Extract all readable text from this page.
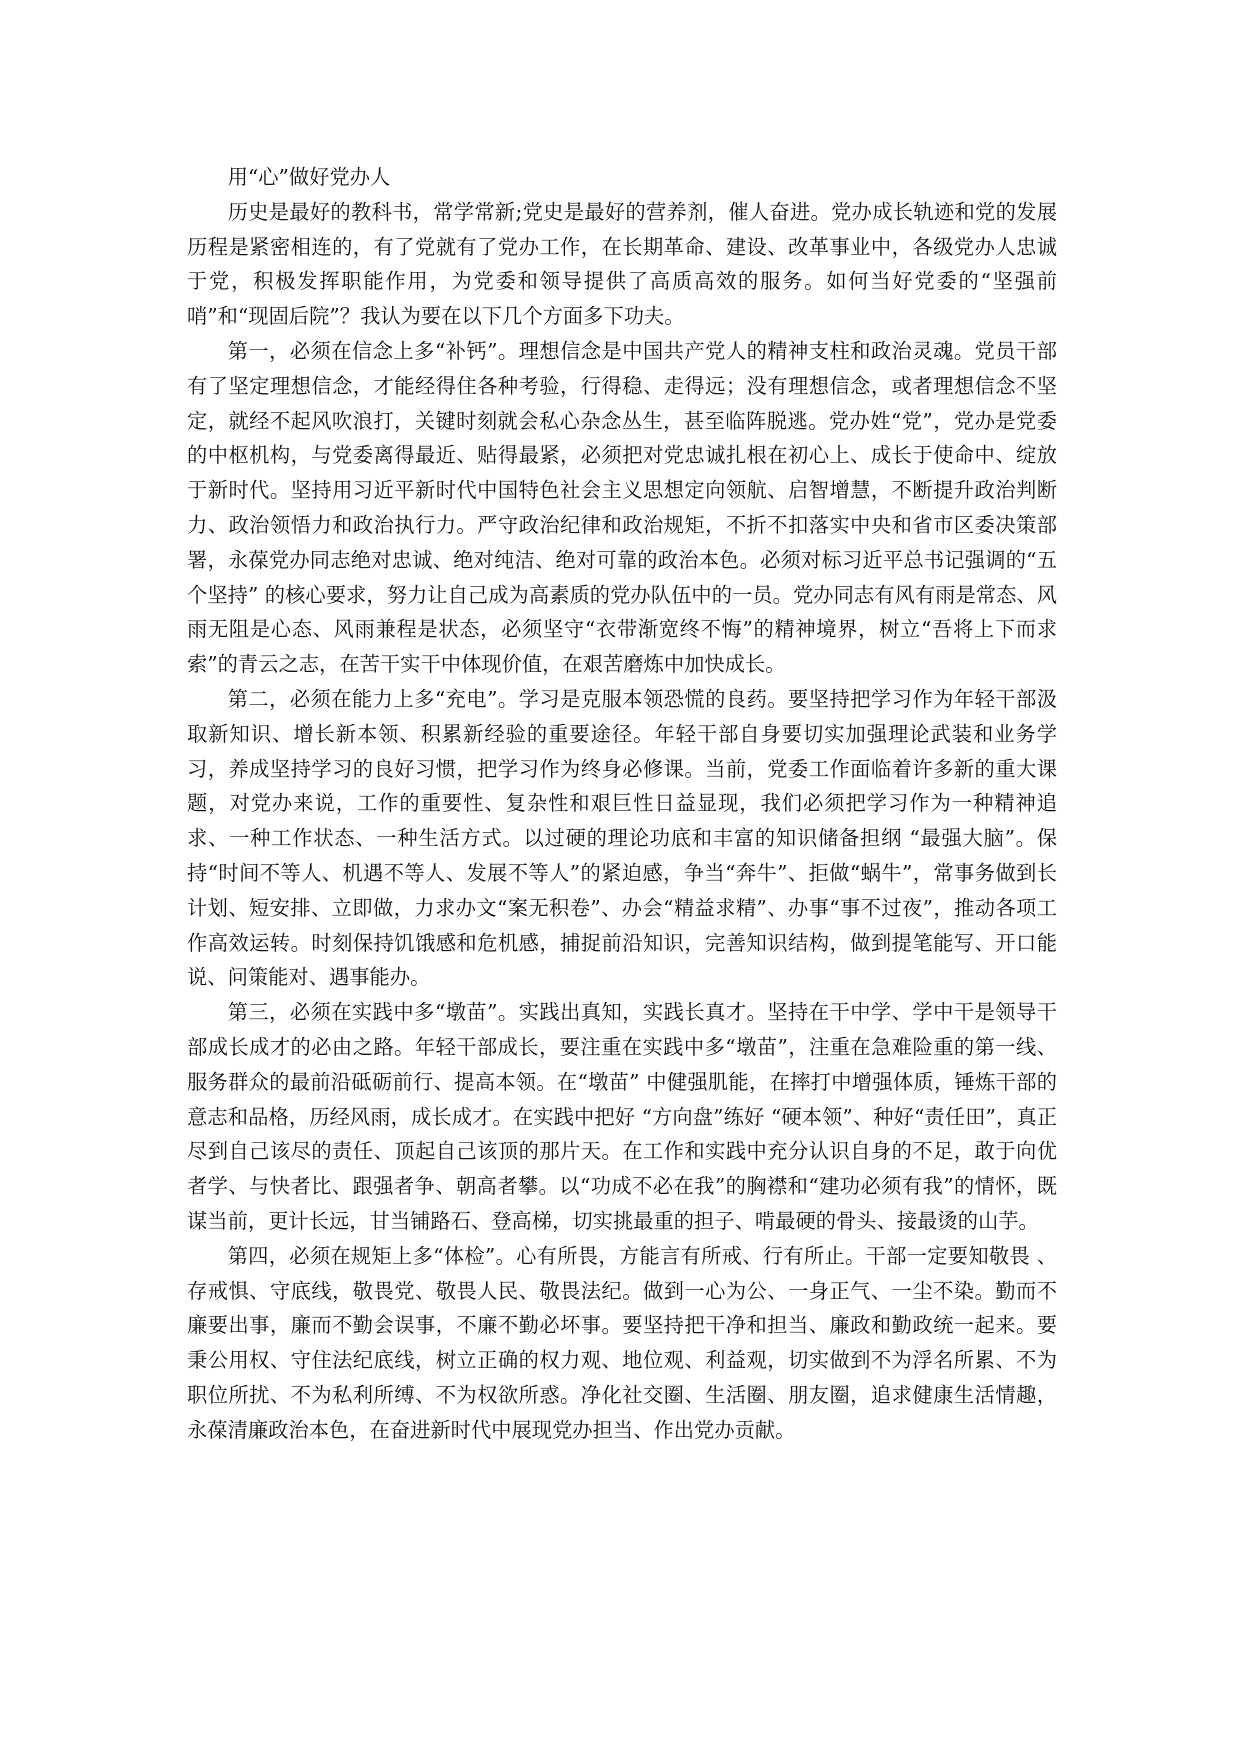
用“心”做好党办人

历史是最好的教科书，常学常新;党史是最好的营养剂，催人奋进。党办成长轨迹和党的发展历程是紧密相连的，有了党就有了党办工作，在长期革命、建设、改革事业中，各级党办人忠诚于党，积极发挥职能作用，为党委和领导提供了高质高效的服务。如何当好党委的“坚强前哨”和“现固后院”？我认为要在以下几个方面多下功夫。

第一，必须在信念上多“补钙”。理想信念是中国共产党人的精神支柱和政治灵魂。党员干部有了坚定理想信念，才能经得住各种考验，行得稳、走得远；没有理想信念，或者理想信念不坚定，就经不起风吹浪打，关键时刻就会私心杂念丛生，甚至临阵脱逃。党办姓“党”，党办是党委的中枢机构，与党委离得最近、贴得最紧，必须把对党忠诚扎根在初心上、成长于使命中、绽放于新时代。坚持用习近平新时代中国特色社会主义思想定向领航、启智增慧，不断提升政治判断力、政治领悟力和政治执行力。严守政治纪律和政治规矩，不折不扣落实中央和省市区委决策部署，永葆党办同志绝对忠诚、绝对纯洁、绝对可靠的政治本色。必须对标习近平总书记强调的“五个坚持” 的核心要求，努力让自己成为高素质的党办队伍中的一员。党办同志有风有雨是常态、风雨无阻是心态、风雨兼程是状态，必须坚守“衣带渐宽终不悔”的精神境界，树立“吾将上下而求索”的青云之志，在苦干实干中体现价值，在艰苦磨炼中加快成长。

第二，必须在能力上多“充电”。学习是克服本领恐慌的良药。要坚持把学习作为年轻干部汲取新知识、增长新本领、积累新经验的重要途径。年轻干部自身要切实加强理论武装和业务学习，养成坚持学习的良好习惯，把学习作为终身必修课。当前，党委工作面临着许多新的重大课题，对党办来说，工作的重要性、复杂性和艰巨性日益显现，我们必须把学习作为一种精神追求、一种工作状态、一种生活方式。以过硬的理论功底和丰富的知识储备担纲 “最强大脑”。保持“时间不等人、机遇不等人、发展不等人”的紧迫感，争当“奔牛”、拒做“蜗牛”，常事务做到长计划、短安排、立即做，力求办文“案无积卷”、办会“精益求精”、办事“事不过夜”，推动各项工作高效运转。时刻保持饥饿感和危机感，捕捉前沿知识，完善知识结构，做到提笔能写、开口能说、问策能对、遇事能办。

第三，必须在实践中多“墩苗”。实践出真知，实践长真才。坚持在干中学、学中干是领导干部成长成才的必由之路。年轻干部成长，要注重在实践中多“墩苗”，注重在急难险重的第一线、服务群众的最前沿砥砺前行、提高本领。在“墩苗” 中健强肌能，在摔打中增强体质，锤炼干部的意志和品格，历经风雨，成长成才。在实践中把好 “方向盘”练好 “硬本领”、种好“责任田”，真正尽到自己该尽的责任、顶起自己该顶的那片天。在工作和实践中充分认识自身的不足，敢于向优者学、与快者比、跟强者争、朝高者攀。以“功成不必在我”的胸襟和“建功必须有我”的情怀，既谋当前，更计长远，甘当铺路石、登高梯，切实挑最重的担子、啃最硬的骨头、接最烫的山芋。

第四，必须在规矩上多“体检”。心有所畏，方能言有所戒、行有所止。干部一定要知敬畏 、存戒惧、守底线，敬畏党、敬畏人民、敬畏法纪。做到一心为公、一身正气、一尘不染。勤而不廉要出事，廉而不勤会误事，不廉不勤必坏事。要坚持把干净和担当、廉政和勤政统一起来。要秉公用权、守住法纪底线，树立正确的权力观、地位观、利益观，切实做到不为浮名所累、不为职位所扰、不为私利所缚、不为权欲所惑。净化社交圈、生活圈、朋友圈，追求健康生活情趣，永葆清廉政治本色，在奋进新时代中展现党办担当、作出党办贡献。
